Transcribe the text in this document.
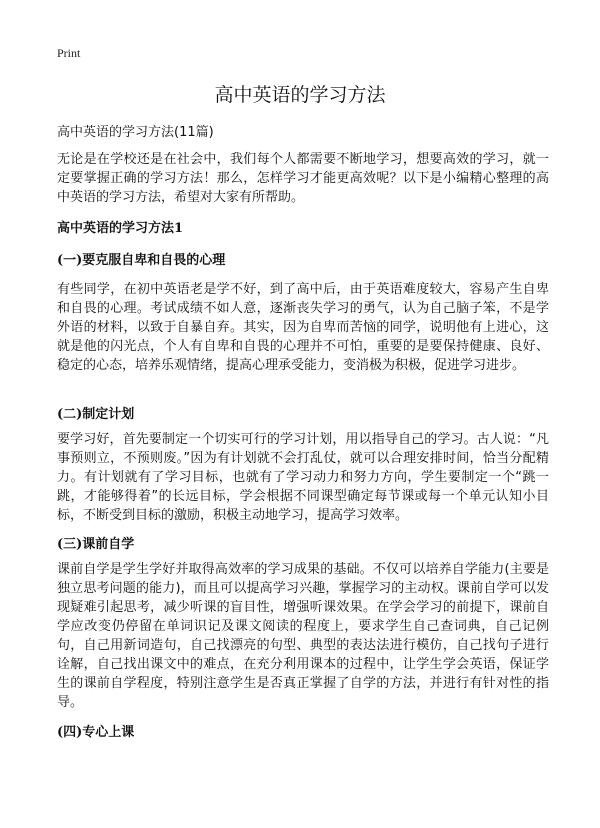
Print
高中英语的学习方法
高中英语的学习方法(11篇)

无论是在学校还是在社会中，我们每个人都需要不断地学习，想要高效的学习，就一定要掌握正确的学习方法！那么，怎样学习才能更高效呢？以下是小编精心整理的高中英语的学习方法，希望对大家有所帮助。

高中英语的学习方法1
(一)要克服自卑和自畏的心理

有些同学，在初中英语老是学不好，到了高中后，由于英语难度较大，容易产生自卑和自畏的心理。考试成绩不如人意，逐渐丧失学习的勇气，认为自己脑子笨，不是学外语的材料，以致于自暴自弃。其实，因为自卑而苦恼的同学，说明他有上进心，这就是他的闪光点，个人有自卑和自畏的心理并不可怕，重要的是要保持健康、良好、稳定的心态，培养乐观情绪，提高心理承受能力，变消极为积极，促进学习进步。

(二)制定计划

要学习好，首先要制定一个切实可行的学习计划，用以指导自己的学习。古人说：“凡事预则立，不预则废。”因为有计划就不会打乱仗，就可以合理安排时间，恰当分配精力。有计划就有了学习目标，也就有了学习动力和努力方向，学生要制定一个“跳一跳，才能够得着”的长远目标，学会根据不同课型确定每节课或每一个单元认知小目标，不断受到目标的激励，积极主动地学习，提高学习效率。

(三)课前自学

课前自学是学生学好并取得高效率的学习成果的基础。不仅可以培养自学能力(主要是独立思考问题的能力)，而且可以提高学习兴趣，掌握学习的主动权。课前自学可以发现疑难引起思考，减少听课的盲目性，增强听课效果。在学会学习的前提下，课前自学应改变仍停留在单词识记及课文阅读的程度上，要求学生自己查词典，自己记例句，自己用新词造句，自己找漂亮的句型、典型的表达法进行模仿，自己找句子进行诠解，自己找出课文中的难点，在充分利用课本的过程中，让学生学会英语，保证学生的课前自学程度，特别注意学生是否真正掌握了自学的方法，并进行有针对性的指导。

(四)专心上课
